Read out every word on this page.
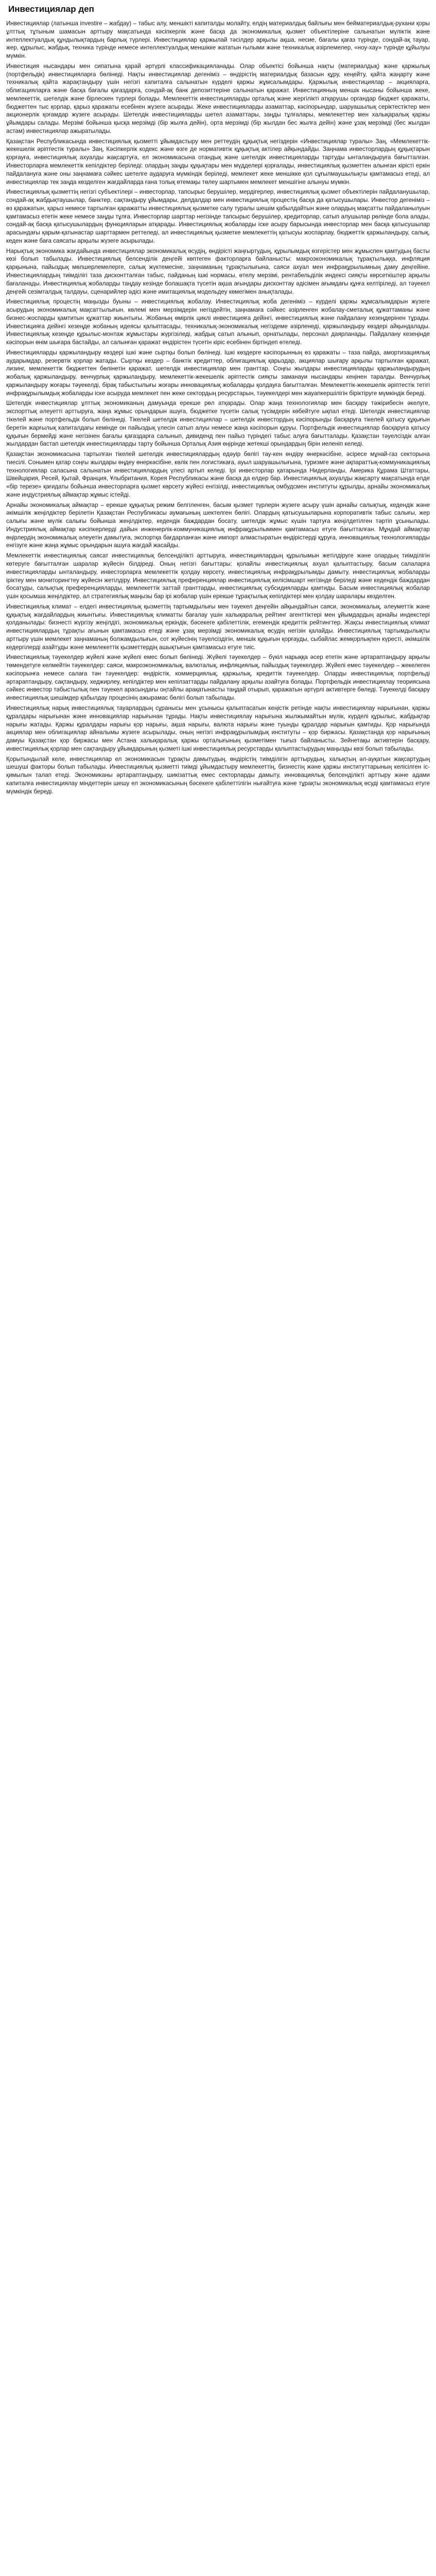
Инвестициялар деп

Инвестициялар (латынша investire – жабдау) – табыс алу, меншікті капиталды молайту, елдің материалдық байлығы мен бейматериалдық-рухани қоры ұлттық тұтыным шамасын арттыру мақсатында кәсіпкерлік және басқа да экономикалық қызмет объектілеріне салынатын мүліктік және интеллектуалдық құндылықтардың барлық түрлері. Инвестициялар қаржылай тәсілдер арқылы ақша, несие, бағалы қағаз түрінде, сондай-ақ тауар, жер, құрылыс, жабдық, техника түрінде немесе интеллектуалдық меншікке жататын ғылыми және техникалық әзірлемелер, «ноу-хау» түрінде құйылуы мүмкін.

Инвестиция нысандары мен сипатына қарай әртүрлі классификацияланады. Олар объектісі бойынша нақты (материалдық) және қаржылық (портфельдік) инвестицияларға бөлінеді. Нақты инвестициялар дегеніміз – өндірістің материалдық базасын құру, кеңейту, қайта жаңарту және техникалық қайта жарақтандыру үшін негізгі капиталға салынатын күрделі қаржы жұмсалымдары. Қаржылық инвестициялар – акцияларға, облигацияларға және басқа бағалы қағаздарға, сондай-ақ банк депозиттеріне салынатын қаражат. Инвестицияның меншік нысаны бойынша жеке, мемлекеттік, шетелдік және бірлескен түрлері болады. Мемлекеттік инвестицияларды орталық және жергілікті атқарушы органдар бюджет қаражаты, бюджеттен тыс қорлар, қарыз қаражаты есебінен жүзеге асырады. Жеке инвестицияларды азаматтар, кәсіпорындар, шаруашылық серіктестіктер мен акционерлік қоғамдар жүзеге асырады. Шетелдік инвестицияларды шетел азаматтары, заңды тұлғалары, мемлекеттер мен халықаралық қаржы ұйымдары салады. Мерзімі бойынша қысқа мерзімді (бір жылға дейін), орта мерзімді (бір жылдан бес жылға дейін) және ұзақ мерзімді (бес жылдан астам) инвестициялар ажыратылады.

Қазақстан Республикасында инвестициялық қызметті ұйымдастыру мен реттеудің құқықтық негіздерін «Инвестициялар туралы» Заң, «Мемлекеттік-жекешелік әріптестік туралы» Заң, Кәсіпкерлік кодекс және өзге де нормативтік құқықтық актілер айқындайды. Заңнама инвесторлардың құқықтарын қорғауға, инвестициялық ахуалды жақсартуға, ел экономикасына отандық және шетелдік инвестицияларды тартуды ынталандыруға бағытталған. Инвесторларға мемлекеттік кепілдіктер беріледі: олардың заңды құқықтары мен мүдделері қорғалады, инвестициялық қызметтен алынған кірісті еркін пайдалануға және оны заңнамаға сәйкес шетелге аударуға мүмкіндік беріледі, мемлекет жеке меншікке қол сұғылмаушылықты қамтамасыз етеді, ал инвестициялар тек заңда көзделген жағдайларда ғана толық өтемақы төлеу шартымен мемлекет меншігіне алынуы мүмкін.

Инвестициялық қызметтің негізгі субъектілері – инвесторлар, тапсырыс берушілер, мердігерлер, инвестициялық қызмет объектілерін пайдаланушылар, сондай-ақ жабдықтаушылар, банктер, сақтандыру ұйымдары, делдалдар мен инвестициялық процестің басқа да қатысушылары. Инвестор дегеніміз – өз қаражатын, қарыз немесе тартылған қаражатты инвестициялық қызметке салу туралы шешім қабылдайтын және олардың мақсатты пайдаланылуын қамтамасыз ететін жеке немесе заңды тұлға. Инвесторлар шарттар негізінде тапсырыс берушілер, кредиторлар, сатып алушылар рөлінде бола алады, сондай-ақ басқа қатысушылардың функцияларын атқарады. Инвестициялық жобаларды іске асыру барысында инвесторлар мен басқа қатысушылар арасындағы қарым-қатынастар шарттармен реттеледі, ал инвестициялық қызметке мемлекеттің қатысуы жоспарлау, бюджеттік қаржыландыру, салық, кеден және баға саясаты арқылы жүзеге асырылады.

Нарықтық экономика жағдайында инвестициялар экономикалық өсудің, өндірісті жаңғыртудың, құрылымдық өзгерістер мен жұмыспен қамтудың басты көзі болып табылады. Инвестициялық белсенділік деңгейі көптеген факторларға байланысты: макроэкономикалық тұрақтылыққа, инфляция қарқынына, пайыздық мөлшерлемелерге, салық жүктемесіне, заңнаманың тұрақтылығына, саяси ахуал мен инфрақұрылымның даму деңгейіне. Инвестициялардың тиімділігі таза дисконтталған табыс, пайданың ішкі нормасы, өтелу мерзімі, рентабельділік индексі сияқты көрсеткіштер арқылы бағаланады. Инвестициялық жобаларды таңдау кезінде болашақта түсетін ақша ағындары дисконттау әдісімен ағымдағы құнға келтіріледі, ал тәуекел деңгейі сезімталдық талдауы, сценарийлер әдісі және имитациялық модельдеу көмегімен анықталады.

Инвестициялық процестің маңызды буыны – инвестициялық жобалау. Инвестициялық жоба дегеніміз – күрделі қаржы жұмсалымдарын жүзеге асырудың экономикалық мақсаттылығын, көлемі мен мерзімдерін негіздейтін, заңнамаға сәйкес әзірленген жобалау-сметалық құжаттаманы және бизнес-жоспарды қамтитын құжаттар жиынтығы. Жобаның өмірлік циклі инвестицияға дейінгі, инвестициялық және пайдалану кезеңдерінен тұрады. Инвестицияға дейінгі кезеңде жобаның идеясы қалыптасады, техникалық-экономикалық негіздеме әзірленеді, қаржыландыру көздері айқындалады. Инвестициялық кезеңде құрылыс-монтаж жұмыстары жүргізіледі, жабдық сатып алынып, орнатылады, персонал даярланады. Пайдалану кезеңінде кәсіпорын өнім шығара бастайды, ал салынған қаражат өндірістен түсетін кіріс есебінен біртіндеп өтеледі.

Инвестицияларды қаржыландыру көздері ішкі және сыртқы болып бөлінеді. Ішкі көздерге кәсіпорынның өз қаражаты – таза пайда, амортизациялық аударымдар, резервтік қорлар жатады. Сыртқы көздер – банктік кредиттер, облигациялық қарыздар, акциялар шығару арқылы тартылған қаражат, лизинг, мемлекеттік бюджеттен бөлінетін қаражат, шетелдік инвестициялар мен гранттар. Соңғы жылдары инвестицияларды қаржыландырудың жобалық қаржыландыру, венчурлық қаржыландыру, мемлекеттік-жекешелік әріптестік сияқты заманауи нысандары кеңінен таралды. Венчурлық қаржыландыру жоғары тәуекелді, бірақ табыстылығы жоғары инновациялық жобаларды қолдауға бағытталған. Мемлекеттік-жекешелік әріптестік тетігі инфрақұрылымдық жобаларды іске асыруда мемлекет пен жеке сектордың ресурстарын, тәуекелдері мен жауапкершілігін біріктіруге мүмкіндік береді.

Шетелдік инвестициялар ұлттық экономиканың дамуында ерекше рөл атқарады. Олар жаңа технологиялар мен басқару тәжірибесін әкелуге, экспорттық әлеуетті арттыруға, жаңа жұмыс орындарын ашуға, бюджетке түсетін салық түсімдерін көбейтуге ықпал етеді. Шетелдік инвестициялар тікелей және портфельдік болып бөлінеді. Тікелей шетелдік инвестициялар – шетелдік инвестордың кәсіпорынды басқаруға тікелей қатысу құқығын беретін жарғылық капиталдағы кемінде он пайыздық үлесін сатып алуы немесе жаңа кәсіпорын құруы. Портфельдік инвестициялар басқаруға қатысу құқығын бермейді және негізінен бағалы қағаздарға салынып, дивиденд пен пайыз түріндегі табыс алуға бағытталады. Қазақстан тәуелсіздік алған жылдардан бастап шетелдік инвестицияларды тарту бойынша Орталық Азия өңірінде жетекші орындардың бірін иеленіп келеді.

Қазақстан экономикасына тартылған тікелей шетелдік инвестициялардың едәуір бөлігі тау-кен өндіру өнеркәсібіне, әсіресе мұнай-газ секторына тиесілі. Сонымен қатар соңғы жылдары өңдеу өнеркәсібіне, көлік пен логистикаға, ауыл шаруашылығына, туризмге және ақпараттық-коммуникациялық технологиялар саласына салынатын инвестициялардың үлесі артып келеді. Ірі инвесторлар қатарында Нидерланды, Америка Құрама Штаттары, Швейцария, Ресей, Қытай, Франция, Ұлыбритания, Корея Республикасы және басқа да елдер бар. Инвестициялық ахуалды жақсарту мақсатында елде «бір терезе» қағидаты бойынша инвесторларға қызмет көрсету жүйесі енгізілді, инвестициялық омбудсмен институты құрылды, арнайы экономикалық және индустриялық аймақтар жұмыс істейді.

Арнайы экономикалық аймақтар – ерекше құқықтық режим белгіленген, басым қызмет түрлерін жүзеге асыру үшін арнайы салықтық, кедендік және әкімшілік жеңілдіктер берілетін Қазақстан Республикасы аумағының шектелген бөлігі. Олардың қатысушыларына корпоративтік табыс салығы, жер салығы және мүлік салығы бойынша жеңілдіктер, кедендік баждардан босату, шетелдік жұмыс күшін тартуға жеңілдетілген тәртіп ұсынылады. Индустриялық аймақтар кәсіпкерлерді дайын инженерлік-коммуникациялық инфрақұрылыммен қамтамасыз етуге бағытталған. Мұндай аймақтар өңірлердің экономикалық әлеуетін дамытуға, экспортқа бағдарланған және импорт алмастыратын өндірістерді құруға, инновациялық технологияларды енгізуге және жаңа жұмыс орындарын ашуға жағдай жасайды.

Мемлекеттік инвестициялық саясат инвестициялық белсенділікті арттыруға, инвестициялардың құрылымын жетілдіруге және олардың тиімділігін көтеруге бағытталған шаралар жүйесін білдіреді. Оның негізгі бағыттары: қолайлы инвестициялық ахуал қалыптастыру, басым салаларға инвестицияларды ынталандыру, инвесторларға мемлекеттік қолдау көрсету, инвестициялық инфрақұрылымды дамыту, инвестициялық жобаларды іріктеу мен мониторингтеу жүйесін жетілдіру. Инвестициялық преференциялар инвестициялық келісімшарт негізінде беріледі және кедендік баждардан босатуды, салықтық преференцияларды, мемлекеттік заттай гранттарды, инвестициялық субсидияларды қамтиды. Басым инвестициялық жобалар үшін қосымша жеңілдіктер, ал стратегиялық маңызы бар ірі жобалар үшін ерекше тұрақтылық кепілдіктері мен қолдау шаралары көзделген.

Инвестициялық климат – елдегі инвестициялық қызметтің тартымдылығы мен тәуекел деңгейін айқындайтын саяси, экономикалық, әлеуметтік және құқықтық жағдайлардың жиынтығы. Инвестициялық климатты бағалау үшін халықаралық рейтинг агенттіктері мен ұйымдардың арнайы индекстері қолданылады: бизнесті жүргізу жеңілдігі, экономикалық еркіндік, бәсекеге қабілеттілік, егемендік кредиттік рейтингтер. Жақсы инвестициялық климат инвестициялардың тұрақты ағынын қамтамасыз етеді және ұзақ мерзімді экономикалық өсудің негізін қалайды. Инвестициялық тартымдылықты арттыру үшін мемлекет заңнаманың болжамдылығын, сот жүйесінің тәуелсіздігін, меншік құқығын қорғауды, сыбайлас жемқорлықпен күресті, әкімшілік кедергілерді азайтуды және мемлекеттік қызметтердің ашықтығын қамтамасыз етуге тиіс.

Инвестициялық тәуекелдер жүйелі және жүйелі емес болып бөлінеді. Жүйелі тәуекелдер – бүкіл нарыққа әсер ететін және әртараптандыру арқылы төмендетуге келмейтін тәуекелдер: саяси, макроэкономикалық, валюталық, инфляциялық, пайыздық тәуекелдер. Жүйелі емес тәуекелдер – жекелеген кәсіпорынға немесе салаға тән тәуекелдер: өндірістік, коммерциялық, қаржылық, кредиттік тәуекелдер. Оларды инвестициялық портфельді әртараптандыру, сақтандыру, хеджирлеу, кепілдіктер мен кепілзаттарды пайдалану арқылы азайтуға болады. Портфельдік инвестициялау теориясына сәйкес инвестор табыстылық пен тәуекел арасындағы оңтайлы арақатынасты таңдай отырып, қаражатын әртүрлі активтерге бөледі. Тәуекелді басқару инвестициялық шешімдер қабылдау процесінің ажырамас бөлігі болып табылады.

Инвестициялық нарық инвестициялық тауарлардың сұранысы мен ұсынысы қалыптасатын кеңістік ретінде нақты инвестициялау нарығынан, қаржы құралдары нарығынан және инновациялар нарығынан тұрады. Нақты инвестициялау нарығына жылжымайтын мүлік, күрделі құрылыс, жабдықтар нарығы жатады. Қаржы құралдары нарығы қор нарығы, ақша нарығы, валюта нарығы және туынды құралдар нарығын қамтиды. Қор нарығында акциялар мен облигациялар айналымы жүзеге асырылады, оның негізгі инфрақұрылымдық институты – қор биржасы. Қазақстанда қор нарығының дамуы Қазақстан қор биржасы мен Астана халықаралық қаржы орталығының қызметімен тығыз байланысты. Зейнетақы активтерін басқару, инвестициялық қорлар мен сақтандыру ұйымдарының қызметі ішкі инвестициялық ресурстарды қалыптастырудың маңызды көзі болып табылады.

Қорытындылай келе, инвестициялар ел экономикасын тұрақты дамытудың, өндірістің тиімділігін арттырудың, халықтың әл-ауқатын жақсартудың шешуші факторы болып табылады. Инвестициялық қызметті тиімді ұйымдастыру мемлекеттің, бизнестің және қаржы институттарының келісілген іс-қимылын талап етеді. Экономиканы әртараптандыру, шикізаттық емес секторларды дамыту, инновациялық белсенділікті арттыру және адами капиталға инвестициялау міндеттерін шешу ел экономикасының бәсекеге қабілеттілігін нығайтуға және тұрақты экономикалық өсуді қамтамасыз етуге мүмкіндік береді.
